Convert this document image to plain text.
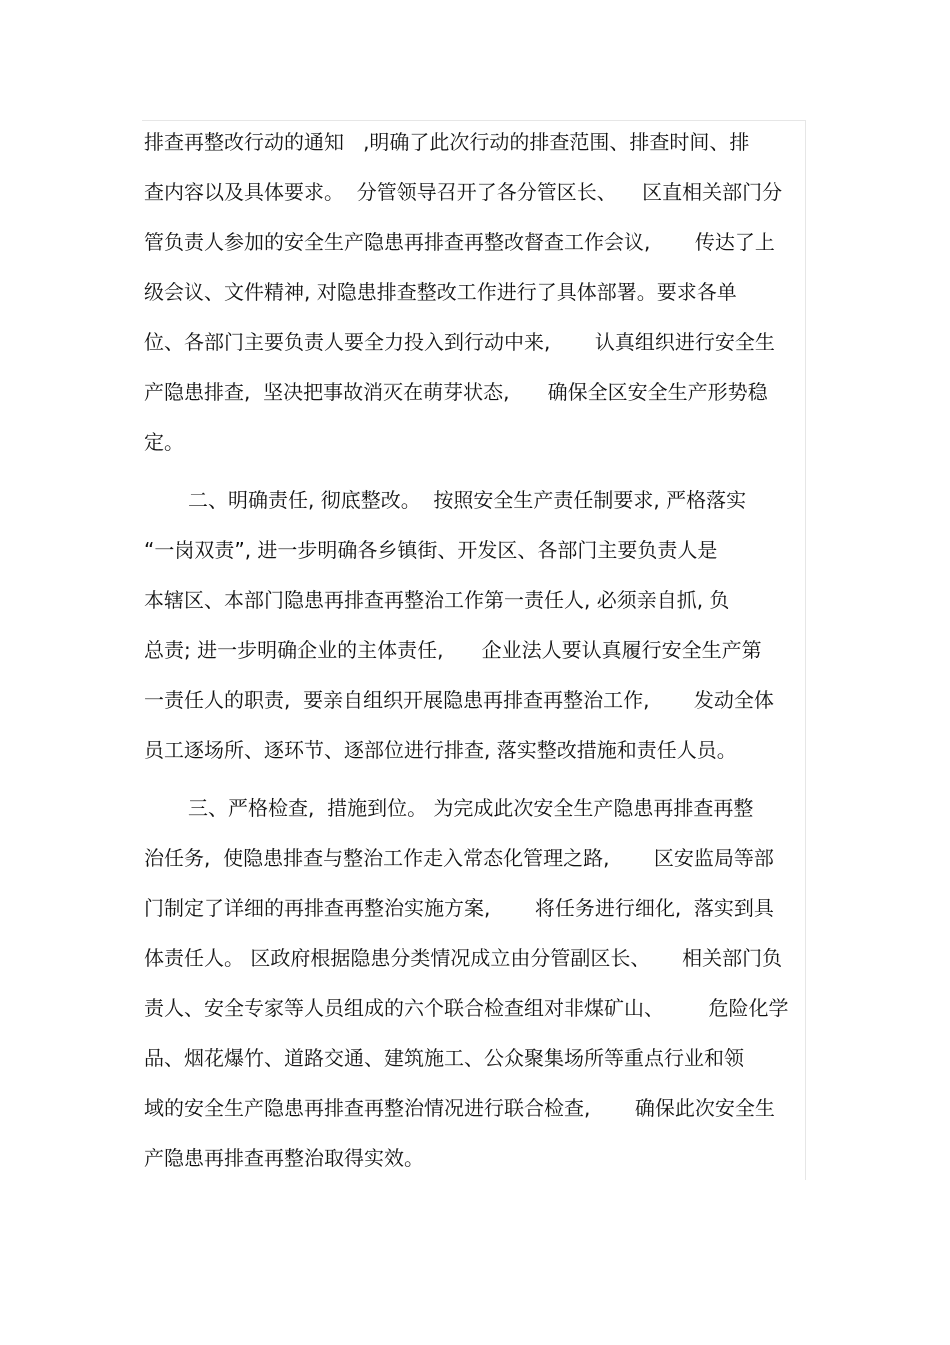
排查再整改行动的通知   ,明确了此次行动的排查范围、排查时间、排
查内容以及具体要求。  分管领导召开了各分管区长、    区直相关部门分
管负责人参加的安全生产隐患再排查再整改督查工作会议,       传达了上
级会议、文件精神, 对隐患排查整改工作进行了具体部署。要求各单
位、各部门主要负责人要全力投入到行动中来,       认真组织进行安全生
产隐患排查,  坚决把事故消灭在萌芽状态,      确保全区安全生产形势稳
定。
二、明确责任, 彻底整改。  按照安全生产责任制要求, 严格落实
“一岗双责”, 进一步明确各乡镇街、开发区、各部门主要负责人是
本辖区、本部门隐患再排查再整治工作第一责任人, 必须亲自抓, 负
总责; 进一步明确企业的主体责任,      企业法人要认真履行安全生产第
一责任人的职责,  要亲自组织开展隐患再排查再整治工作,       发动全体
员工逐场所、逐环节、逐部位进行排查, 落实整改措施和责任人员。
三、严格检查,  措施到位。 为完成此次安全生产隐患再排查再整
治任务,  使隐患排查与整治工作走入常态化管理之路,       区安监局等部
门制定了详细的再排查再整治实施方案,       将任务进行细化,  落实到具
体责任人。 区政府根据隐患分类情况成立由分管副区长、     相关部门负
责人、安全专家等人员组成的六个联合检查组对非煤矿山、       危险化学
品、烟花爆竹、道路交通、建筑施工、公众聚集场所等重点行业和领
域的安全生产隐患再排查再整治情况进行联合检查,       确保此次安全生
产隐患再排查再整治取得实效。
